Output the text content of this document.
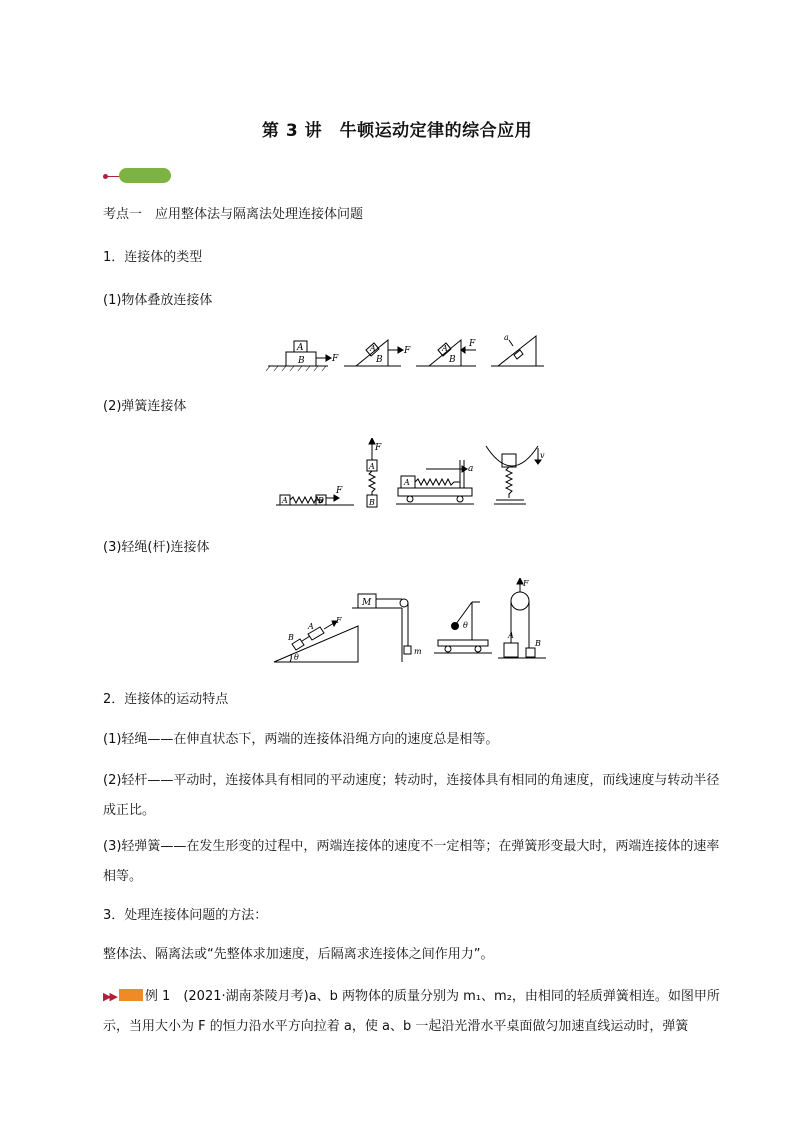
第 3 讲　牛顿运动定律的综合应用
考点一　应用整体法与隔离法处理连接体问题
1．连接体的类型
(1)物体叠放连接体
A
B	F
A
B
F	A
B
F
a
(2)弹簧连接体
A	B
F
F
A
B
a
A
v
(3)轻绳(杆)连接体
B
A
F
θ
M
m
θ
F
A
B
2．连接体的运动特点
(1)轻绳——在伸直状态下，两端的连接体沿绳方向的速度总是相等。
(2)轻杆——平动时，连接体具有相同的平动速度；转动时，连接体具有相同的角速度，而线速度与转动半径成正比。
(3)轻弹簧——在发生形变的过程中，两端连接体的速度不一定相等；在弹簧形变最大时，两端连接体的速率相等。
3．处理连接体问题的方法：
整体法、隔离法或“先整体求加速度，后隔离求连接体之间作用力”。
▶▶ 例 1　(2021·湖南茶陵月考)a、b 两物体的质量分别为 m₁、m₂，由相同的轻质弹簧相连。如图甲所示，当用大小为 F 的恒力沿水平方向拉着 a，使 a、b 一起沿光滑水平桌面做匀加速直线运动时，弹簧
